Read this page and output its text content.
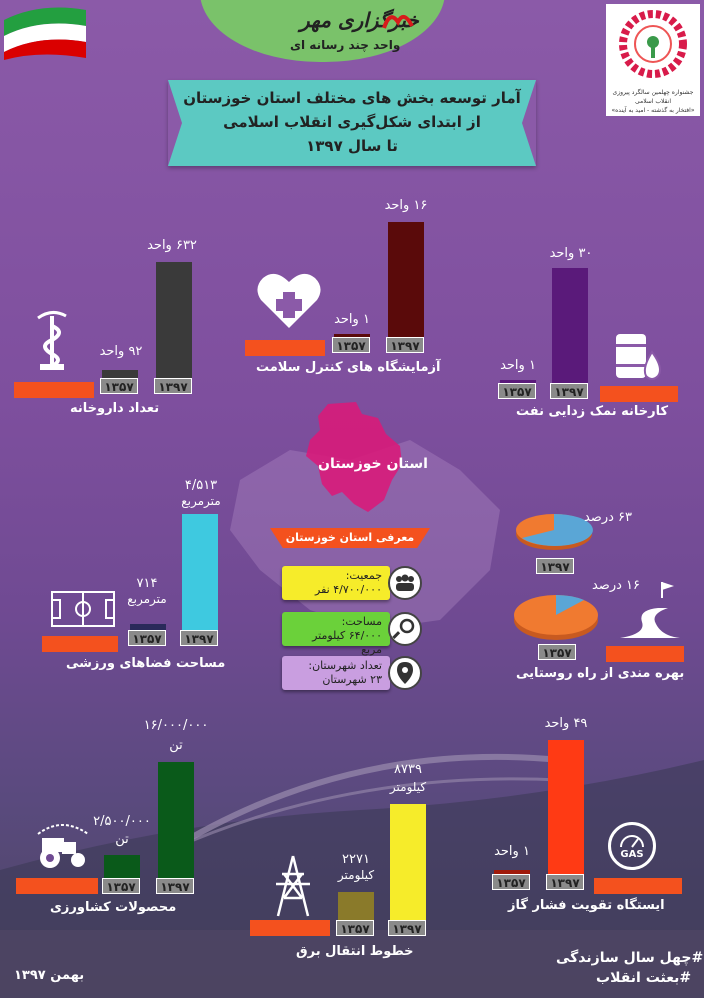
خبرگزاری مهر
واحد چند رسانه ای
جشنواره چهلمین سالگرد پیروزی انقلاب اسلامی
«افتخار به گذشته - امید به آینده»
آمار توسعه بخش های مختلف استان خوزستان
از ابتدای شکل‌گیری انقلاب اسلامی
تا سال ۱۳۹۷
۱۳۵۷	۱۳۹۷
۹۲ واحد
۶۳۲ واحد
تعداد داروخانه
۱۳۵۷	۱۳۹۷
۱ واحد
۱۶ واحد
آزمایشگاه های کنترل سلامت
۱۳۵۷	۱۳۹۷
۱ واحد
۳۰ واحد
کارخانه نمک زدایی نفت
استان خوزستان
معرفی استان خوزستان
جمعیت:
۴/۷۰۰/۰۰۰ نفر
مساحت:
۶۴/۰۰۰ کیلومتر مربع
تعداد شهرستان:
۲۳ شهرستان
۱۳۵۷	۱۳۹۷
۷۱۴
مترمربع
۴/۵۱۳
مترمربع
مساحت فضاهای ورزشی
۱۳۹۷
۶۳ درصد
۱۳۵۷
۱۶ درصد
بهره مندی از راه روستایی
۱۳۵۷	۱۳۹۷
۲/۵۰۰/۰۰۰
تن
۱۶/۰۰۰/۰۰۰
تن
محصولات کشاورزی
۱۳۵۷	۱۳۹۷
۲۲۷۱
کیلومتر
۸۷۳۹
کیلومتر
خطوط انتقال برق
۱۳۵۷	۱۳۹۷
۱ واحد
۴۹ واحد
GAS
ایستگاه تقویت فشار گاز
بهمن ۱۳۹۷
#چهل سال سازندگی
#بعثت انقلاب
